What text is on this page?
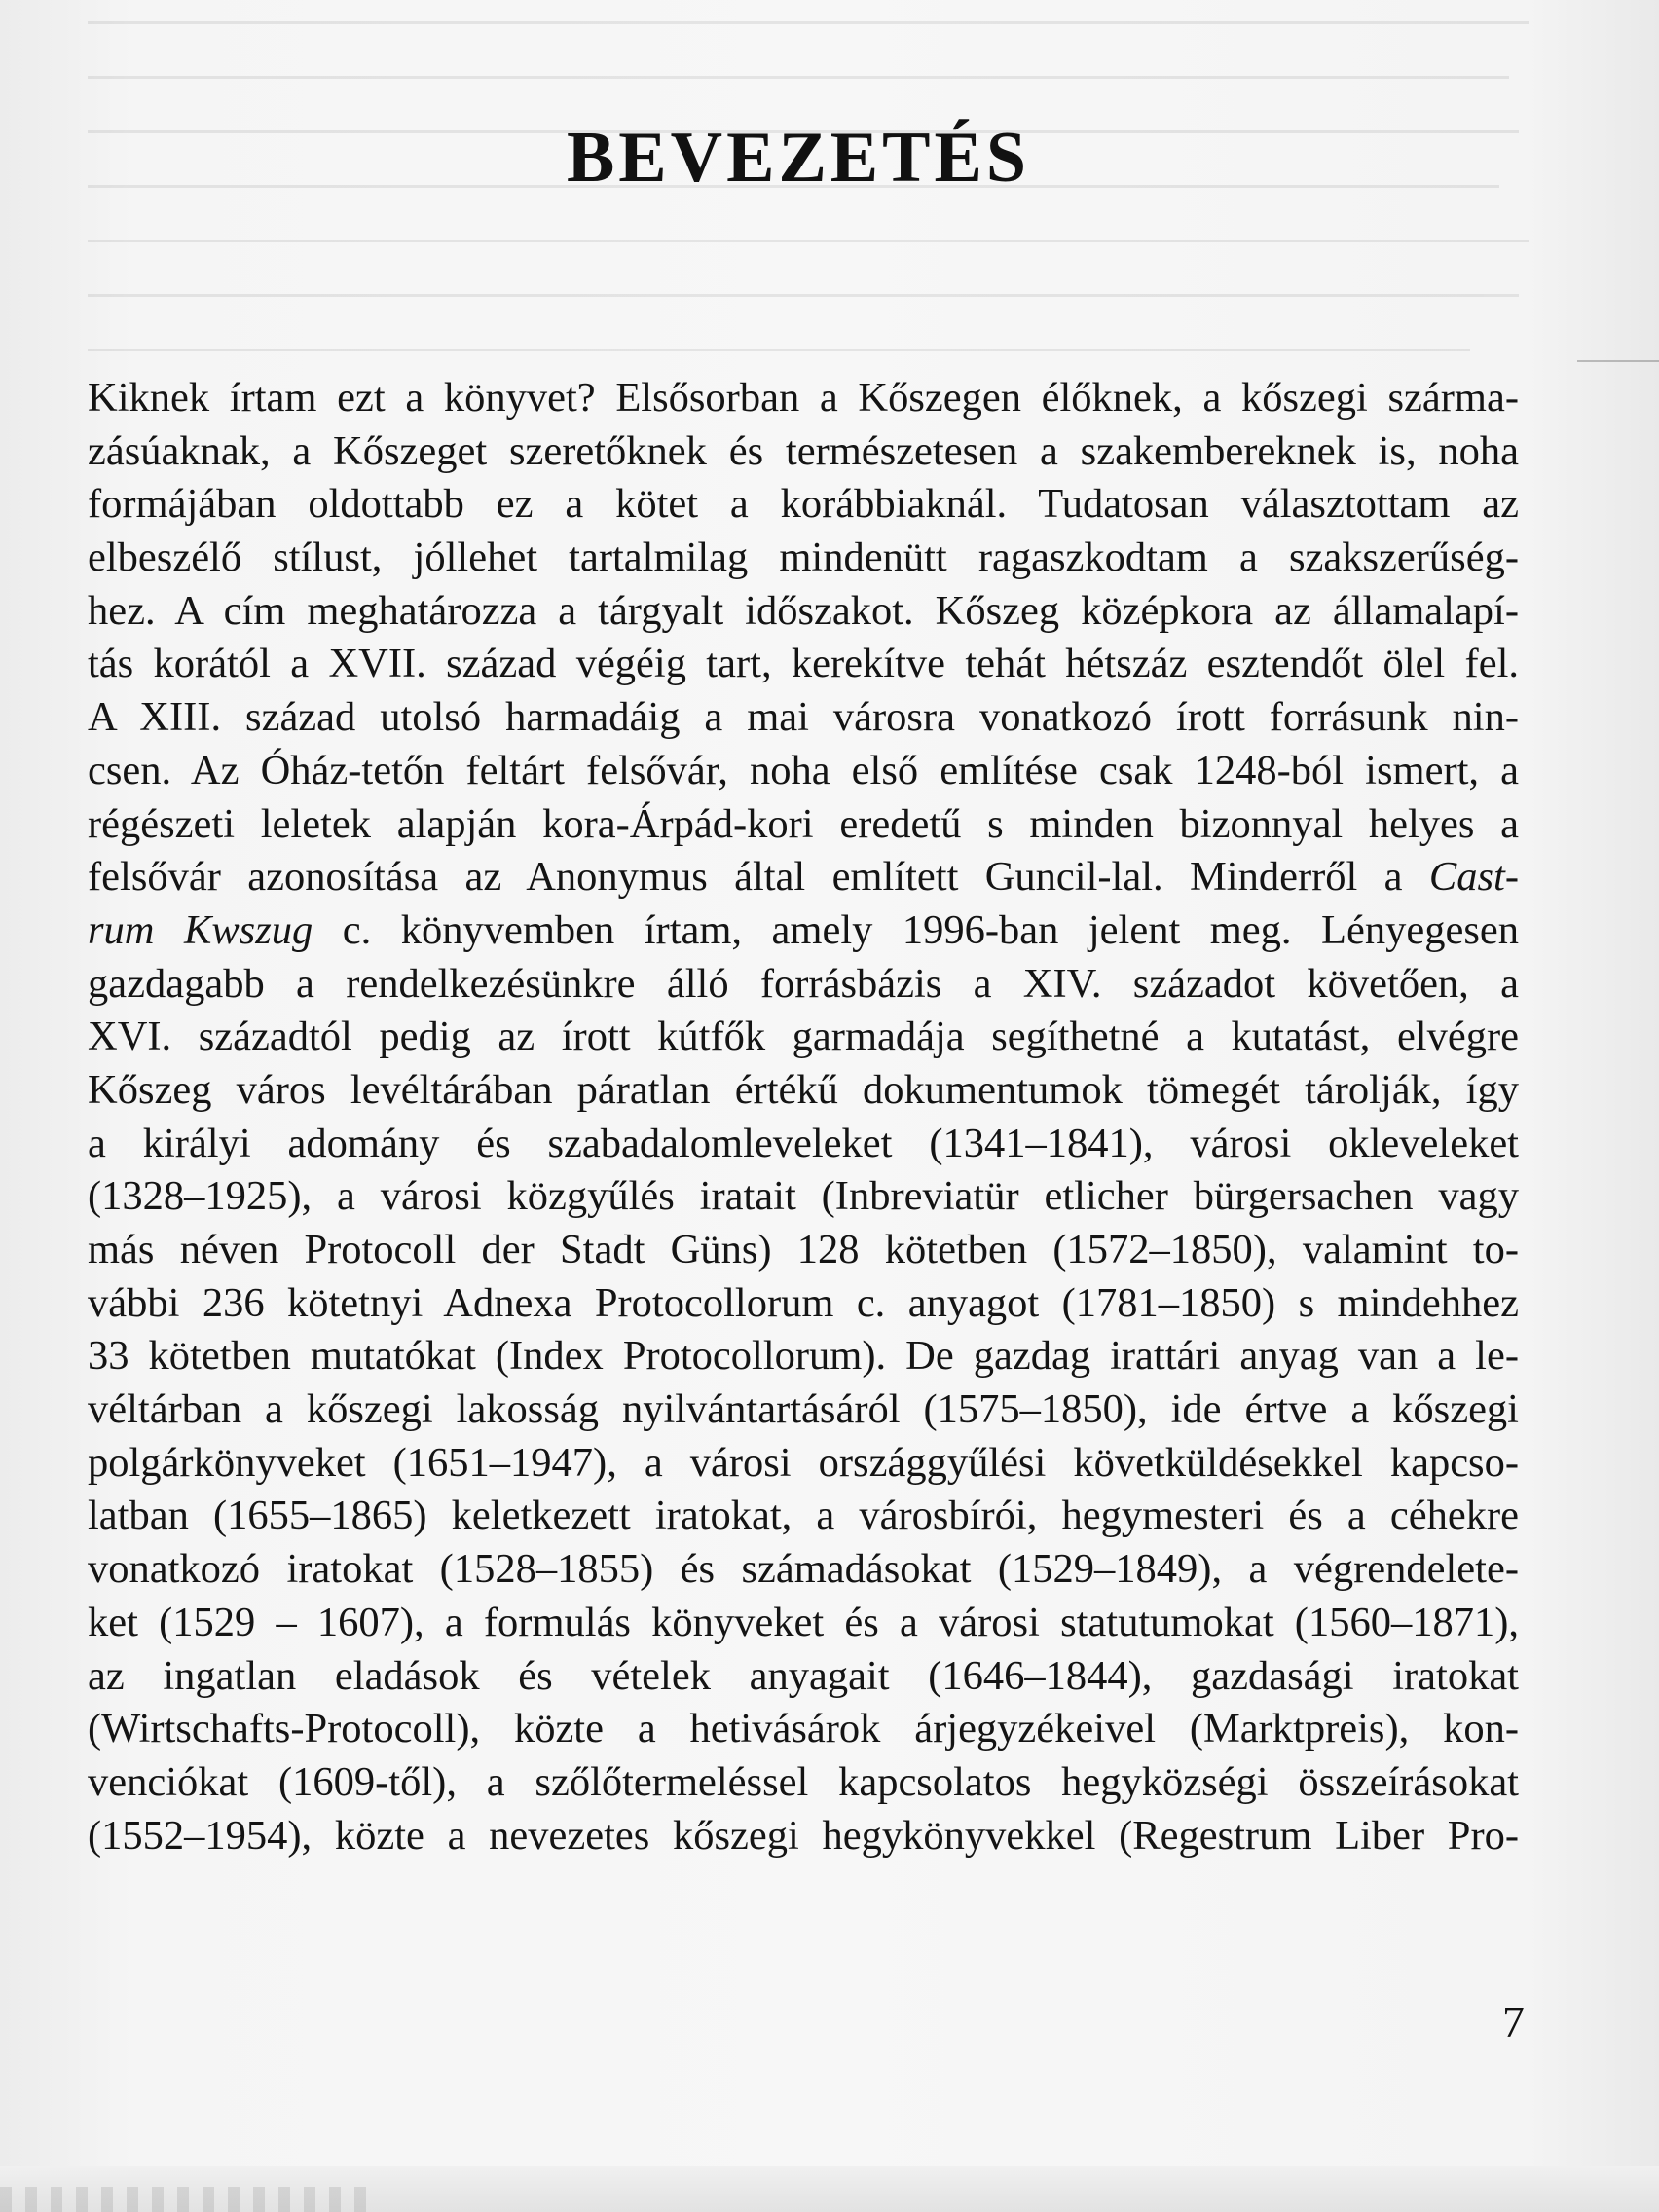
BEVEZETÉS
Kiknek írtam ezt a könyvet? Elsősorban a Kőszegen élőknek, a kőszegi szárma-
zásúaknak, a Kőszeget szeretőknek és természetesen a szakembereknek is, noha
formájában oldottabb ez a kötet a korábbiaknál. Tudatosan választottam az
elbeszélő stílust, jóllehet tartalmilag mindenütt ragaszkodtam a szakszerűség-
hez. A cím meghatározza a tárgyalt időszakot. Kőszeg középkora az államalapí-
tás korától a XVII. század végéig tart, kerekítve tehát hétszáz esztendőt ölel fel.
A XIII. század utolsó harmadáig a mai városra vonatkozó írott forrásunk nin-
csen. Az Óház-tetőn feltárt felsővár, noha első említése csak 1248-ból ismert, a
régészeti leletek alapján kora-Árpád-kori eredetű s minden bizonnyal helyes a
felsővár azonosítása az Anonymus által említett Guncil-lal. Minderről a Cast-
rum Kwszug c. könyvemben írtam, amely 1996-ban jelent meg. Lényegesen
gazdagabb a rendelkezésünkre álló forrásbázis a XIV. századot követően, a
XVI. századtól pedig az írott kútfők garmadája segíthetné a kutatást, elvégre
Kőszeg város levéltárában páratlan értékű dokumentumok tömegét tárolják, így
a királyi adomány és szabadalomleveleket (1341–1841), városi okleveleket
(1328–1925), a városi közgyűlés iratait (Inbreviatür etlicher bürgersachen vagy
más néven Protocoll der Stadt Güns) 128 kötetben (1572–1850), valamint to-
vábbi 236 kötetnyi Adnexa Protocollorum c. anyagot (1781–1850) s mindehhez
33 kötetben mutatókat (Index Protocollorum). De gazdag irattári anyag van a le-
véltárban a kőszegi lakosság nyilvántartásáról (1575–1850), ide értve a kőszegi
polgárkönyveket (1651–1947), a városi országgyűlési követküldésekkel kapcso-
latban (1655–1865) keletkezett iratokat, a városbírói, hegymesteri és a céhekre
vonatkozó iratokat (1528–1855) és számadásokat (1529–1849), a végrendelete-
ket (1529 – 1607), a formulás könyveket és a városi statutumokat (1560–1871),
az ingatlan eladások és vételek anyagait (1646–1844), gazdasági iratokat
(Wirtschafts-Protocoll), közte a hetivásárok árjegyzékeivel (Marktpreis), kon-
venciókat (1609-től), a szőlőtermeléssel kapcsolatos hegyközségi összeírásokat
(1552–1954), közte a nevezetes kőszegi hegykönyvekkel (Regestrum Liber Pro-
7
